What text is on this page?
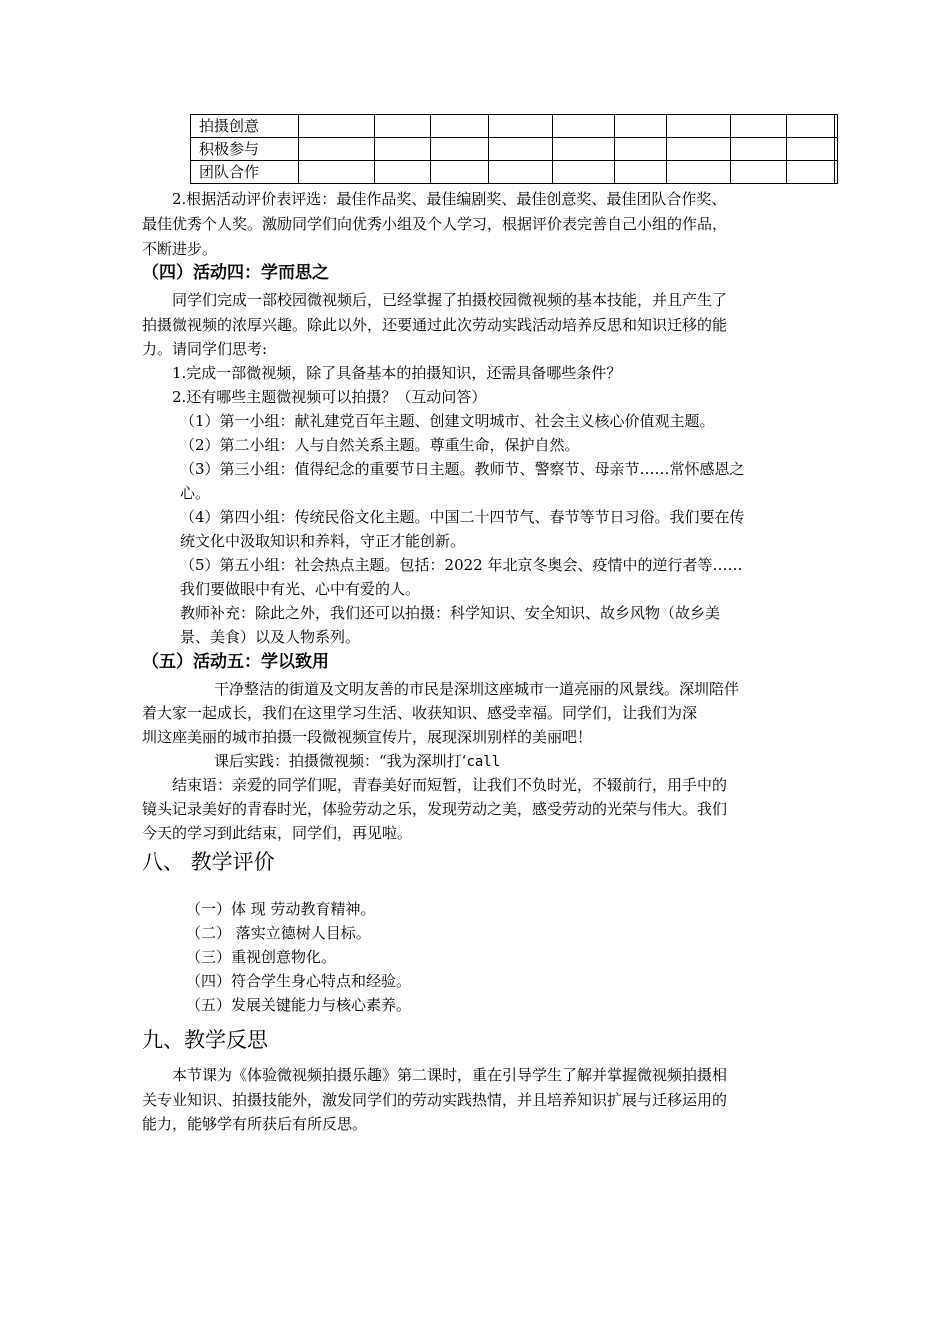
拍摄创意										
积极参与										
团队合作										
2.根据活动评价表评选：最佳作品奖、最佳编剧奖、最佳创意奖、最佳团队合作奖、
最佳优秀个人奖。激励同学们向优秀小组及个人学习，根据评价表完善自己小组的作品，
不断进步。
（四）活动四：学而思之
同学们完成一部校园微视频后，已经掌握了拍摄校园微视频的基本技能，并且产生了
拍摄微视频的浓厚兴趣。除此以外，还要通过此次劳动实践活动培养反思和知识迁移的能
力。请同学们思考:
1.完成一部微视频，除了具备基本的拍摄知识，还需具备哪些条件？
2.还有哪些主题微视频可以拍摄？（互动问答）
（1）第一小组：献礼建党百年主题、创建文明城市、社会主义核心价值观主题。
（2）第二小组：人与自然关系主题。尊重生命，保护自然。
（3）第三小组：值得纪念的重要节日主题。教师节、警察节、母亲节……常怀感恩之
心。
（4）第四小组：传统民俗文化主题。中国二十四节气、春节等节日习俗。我们要在传
统文化中汲取知识和养料，守正才能创新。
（5）第五小组：社会热点主题。包括：2022 年北京冬奥会、疫情中的逆行者等……
我们要做眼中有光、心中有爱的人。
教师补充：除此之外，我们还可以拍摄：科学知识、安全知识、故乡风物（故乡美
景、美食）以及人物系列。
（五）活动五：学以致用
干净整洁的街道及文明友善的市民是深圳这座城市一道亮丽的风景线。深圳陪伴
着大家一起成长，我们在这里学习生活、收获知识、感受幸福。同学们，让我们为深
圳这座美丽的城市拍摄一段微视频宣传片，展现深圳别样的美丽吧！
课后实践：拍摄微视频：“我为深圳打‘call
结束语：亲爱的同学们呢，青春美好而短暂，让我们不负时光，不辍前行，用手中的
镜头记录美好的青春时光，体验劳动之乐，发现劳动之美，感受劳动的光荣与伟大。我们
今天的学习到此结束，同学们，再见啦。
八、 教学评价
（一）体 现 劳动教育精神。
（二） 落实立德树人目标。
（三）重视创意物化。
（四）符合学生身心特点和经验。
（五）发展关键能力与核心素养。
九、教学反思
本节课为《体验微视频拍摄乐趣》第二课时，重在引导学生了解并掌握微视频拍摄相
关专业知识、拍摄技能外，激发同学们的劳动实践热情，并且培养知识扩展与迁移运用的
能力，能够学有所获后有所反思。
